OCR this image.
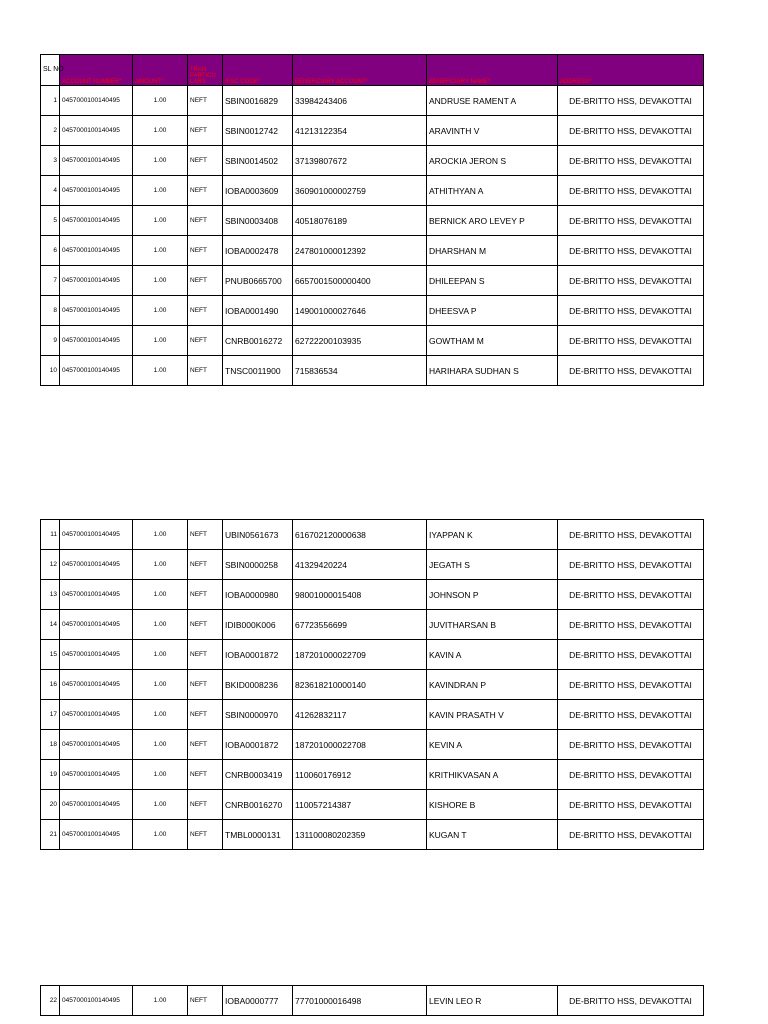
SL NO	ACCOUNT NUMBER*	AMOUNT*	TRAN PARTICU LARS	IFSC CODE*	BENEFICIARY ACCOUNT*	BENEFICIARY NAME*	ADDRESS*
1	0457000100140495	1.00	NEFT	SBIN0016829	33984243406	ANDRUSE RAMENT A	DE-BRITTO HSS, DEVAKOTTAI
2	0457000100140495	1.00	NEFT	SBIN0012742	41213122354	ARAVINTH V	DE-BRITTO HSS, DEVAKOTTAI
3	0457000100140495	1.00	NEFT	SBIN0014502	37139807672	AROCKIA JERON S	DE-BRITTO HSS, DEVAKOTTAI
4	0457000100140495	1.00	NEFT	IOBA0003609	360901000002759	ATHITHYAN A	DE-BRITTO HSS, DEVAKOTTAI
5	0457000100140495	1.00	NEFT	SBIN0003408	40518076189	BERNICK ARO LEVEY P	DE-BRITTO HSS, DEVAKOTTAI
6	0457000100140495	1.00	NEFT	IOBA0002478	247801000012392	DHARSHAN M	DE-BRITTO HSS, DEVAKOTTAI
7	0457000100140495	1.00	NEFT	PNUB0665700	6657001500000400	DHILEEPAN S	DE-BRITTO HSS, DEVAKOTTAI
8	0457000100140495	1.00	NEFT	IOBA0001490	149001000027646	DHEESVA P	DE-BRITTO HSS, DEVAKOTTAI
9	0457000100140495	1.00	NEFT	CNRB0016272	62722200103935	GOWTHAM M	DE-BRITTO HSS, DEVAKOTTAI
10	0457000100140495	1.00	NEFT	TNSC0011900	715836534	HARIHARA SUDHAN S	DE-BRITTO HSS, DEVAKOTTAI
11	0457000100140495	1.00	NEFT	UBIN0561673	616702120000638	IYAPPAN K	DE-BRITTO HSS, DEVAKOTTAI
12	0457000100140495	1.00	NEFT	SBIN0000258	41329420224	JEGATH S	DE-BRITTO HSS, DEVAKOTTAI
13	0457000100140495	1.00	NEFT	IOBA0000980	98001000015408	JOHNSON P	DE-BRITTO HSS, DEVAKOTTAI
14	0457000100140495	1.00	NEFT	IDIB000K006	67723556699	JUVITHARSAN B	DE-BRITTO HSS, DEVAKOTTAI
15	0457000100140495	1.00	NEFT	IOBA0001872	187201000022709	KAVIN A	DE-BRITTO HSS, DEVAKOTTAI
16	0457000100140495	1.00	NEFT	BKID0008236	823618210000140	KAVINDRAN P	DE-BRITTO HSS, DEVAKOTTAI
17	0457000100140495	1.00	NEFT	SBIN0000970	41262832117	KAVIN PRASATH V	DE-BRITTO HSS, DEVAKOTTAI
18	0457000100140495	1.00	NEFT	IOBA0001872	187201000022708	KEVIN A	DE-BRITTO HSS, DEVAKOTTAI
19	0457000100140495	1.00	NEFT	CNRB0003419	110060176912	KRITHIKVASAN A	DE-BRITTO HSS, DEVAKOTTAI
20	0457000100140495	1.00	NEFT	CNRB0016270	110057214387	KISHORE B	DE-BRITTO HSS, DEVAKOTTAI
21	0457000100140495	1.00	NEFT	TMBL0000131	131100080202359	KUGAN T	DE-BRITTO HSS, DEVAKOTTAI
22	0457000100140495	1.00	NEFT	IOBA0000777	77701000016498	LEVIN LEO R	DE-BRITTO HSS, DEVAKOTTAI
